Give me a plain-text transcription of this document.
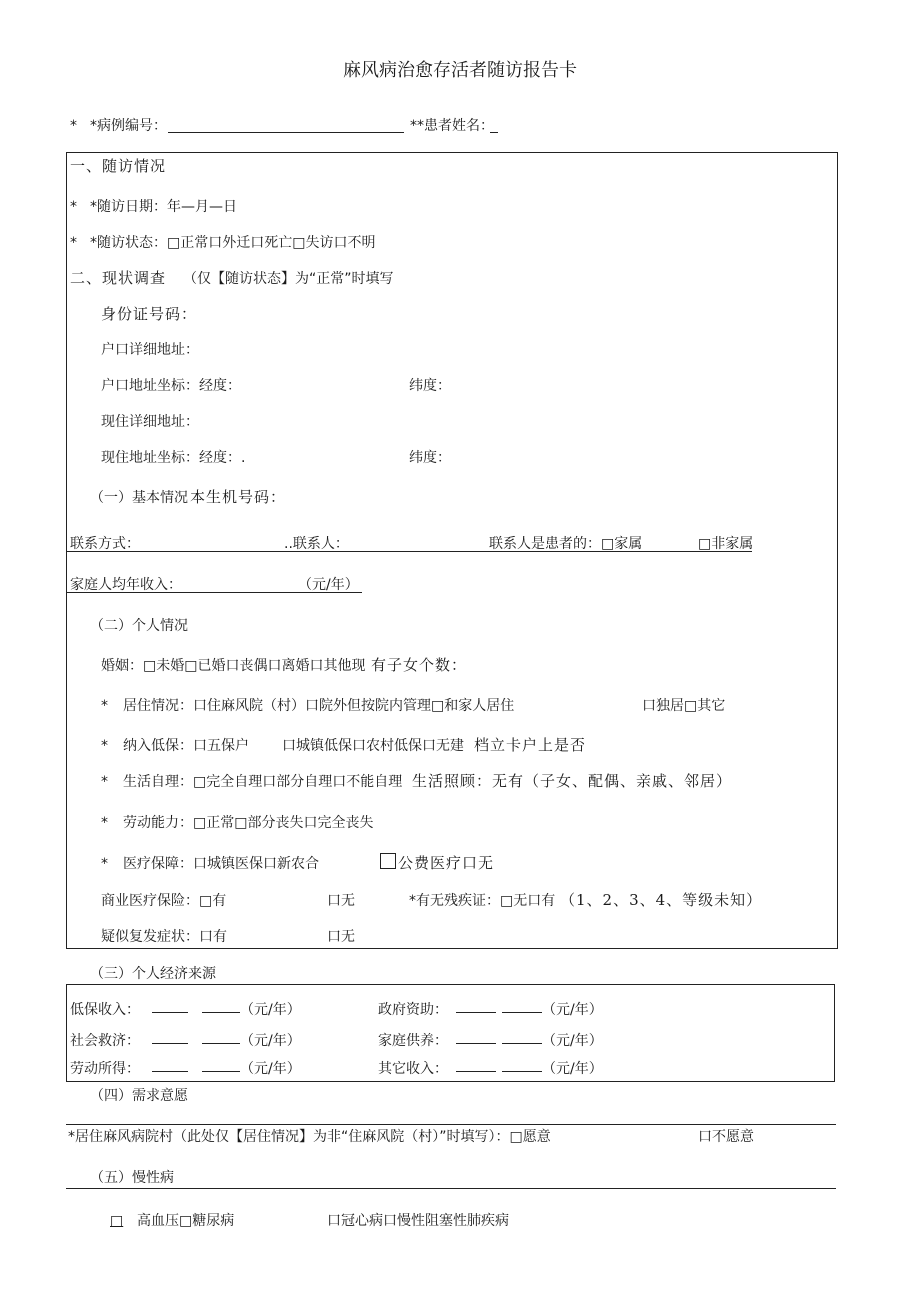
麻风病治愈存活者随访报告卡
* *病例编号：	**患者姓名：
一、随访情况
* *随访日期：年—月—日
* *随访状态：□正常口外迁口死亡□失访口不明
二、现状调查 （仅【随访状态】为“正常”时填写
身份证号码：
户口详细地址：
户口地址坐标：经度：	纬度：
现住详细地址：
现住地址坐标：经度：.	纬度：
（一）基本情况 本生机号码：
联系方式：	..联系人：	联系人是患者的：□家属	□非家属
家庭人均年收入：	（元/年）
（二）个人情况
婚姻：□未婚□已婚口丧偶口离婚口其他现 有子女个数：
* 居住情况：口住麻风院（村）口院外但按院内管理□和家人居住	口独居□其它
* 纳入低保：口五保户 口城镇低保口农村低保口无建 档立卡户上是否
* 生活自理：□完全自理口部分自理口不能自理 生活照顾：无有（子女、配偶、亲戚、邻居）
* 劳动能力：□正常□部分丧失口完全丧失
* 医疗保障：口城镇医保口新农合	公费医疗口无
商业医疗保险：□有	口无	*有无残疾证：□无口有 （1、2、3、4、等级未知）
疑似复发症状：口有	口无
（三）个人经济来源
低保收入：	（元/年）	政府资助：	（元/年）
社会救济：	（元/年）	家庭供养：	（元/年）
劳动所得：	（元/年）	其它收入：	（元/年）
（四）需求意愿
*居住麻风病院村（此处仅【居住情况】为非“住麻风院（村）”时填写）：□愿意	口不愿意
（五）慢性病
□ 高血压□糖尿病	口冠心病口慢性阻塞性肺疾病
